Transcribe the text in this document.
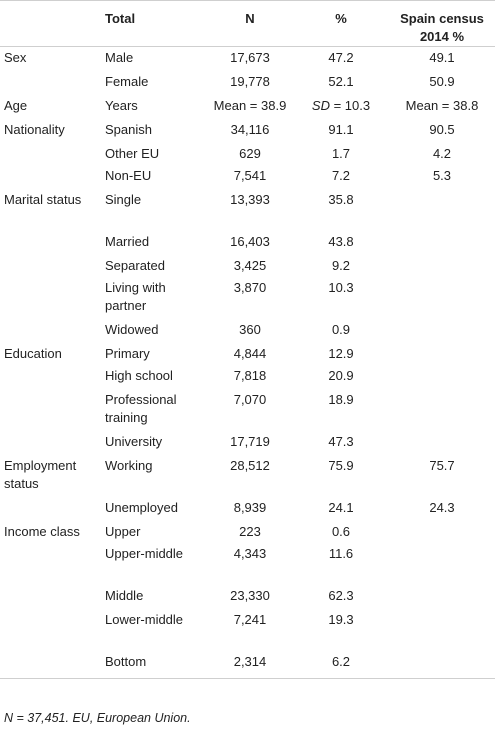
	Total	N	%	Spain census 2014 %
Sex	Male	17,673	47.2	49.1
	Female	19,778	52.1	50.9
Age	Years	Mean = 38.9	SD = 10.3	Mean = 38.8
Nationality	Spanish	34,116	91.1	90.5
	Other EU	629	1.7	4.2
	Non-EU	7,541	7.2	5.3
Marital status	Single	13,393	35.8	
	Married	16,403	43.8	
	Separated	3,425	9.2	
	Living with partner	3,870	10.3	
	Widowed	360	0.9	
Education	Primary	4,844	12.9	
	High school	7,818	20.9	
	Professional training	7,070	18.9	
	University	17,719	47.3	
Employment status	Working	28,512	75.9	75.7
	Unemployed	8,939	24.1	24.3
Income class	Upper	223	0.6	
	Upper-middle	4,343	11.6	
	Middle	23,330	62.3	
	Lower-middle	7,241	19.3	
	Bottom	2,314	6.2	
N = 37,451. EU, European Union.
